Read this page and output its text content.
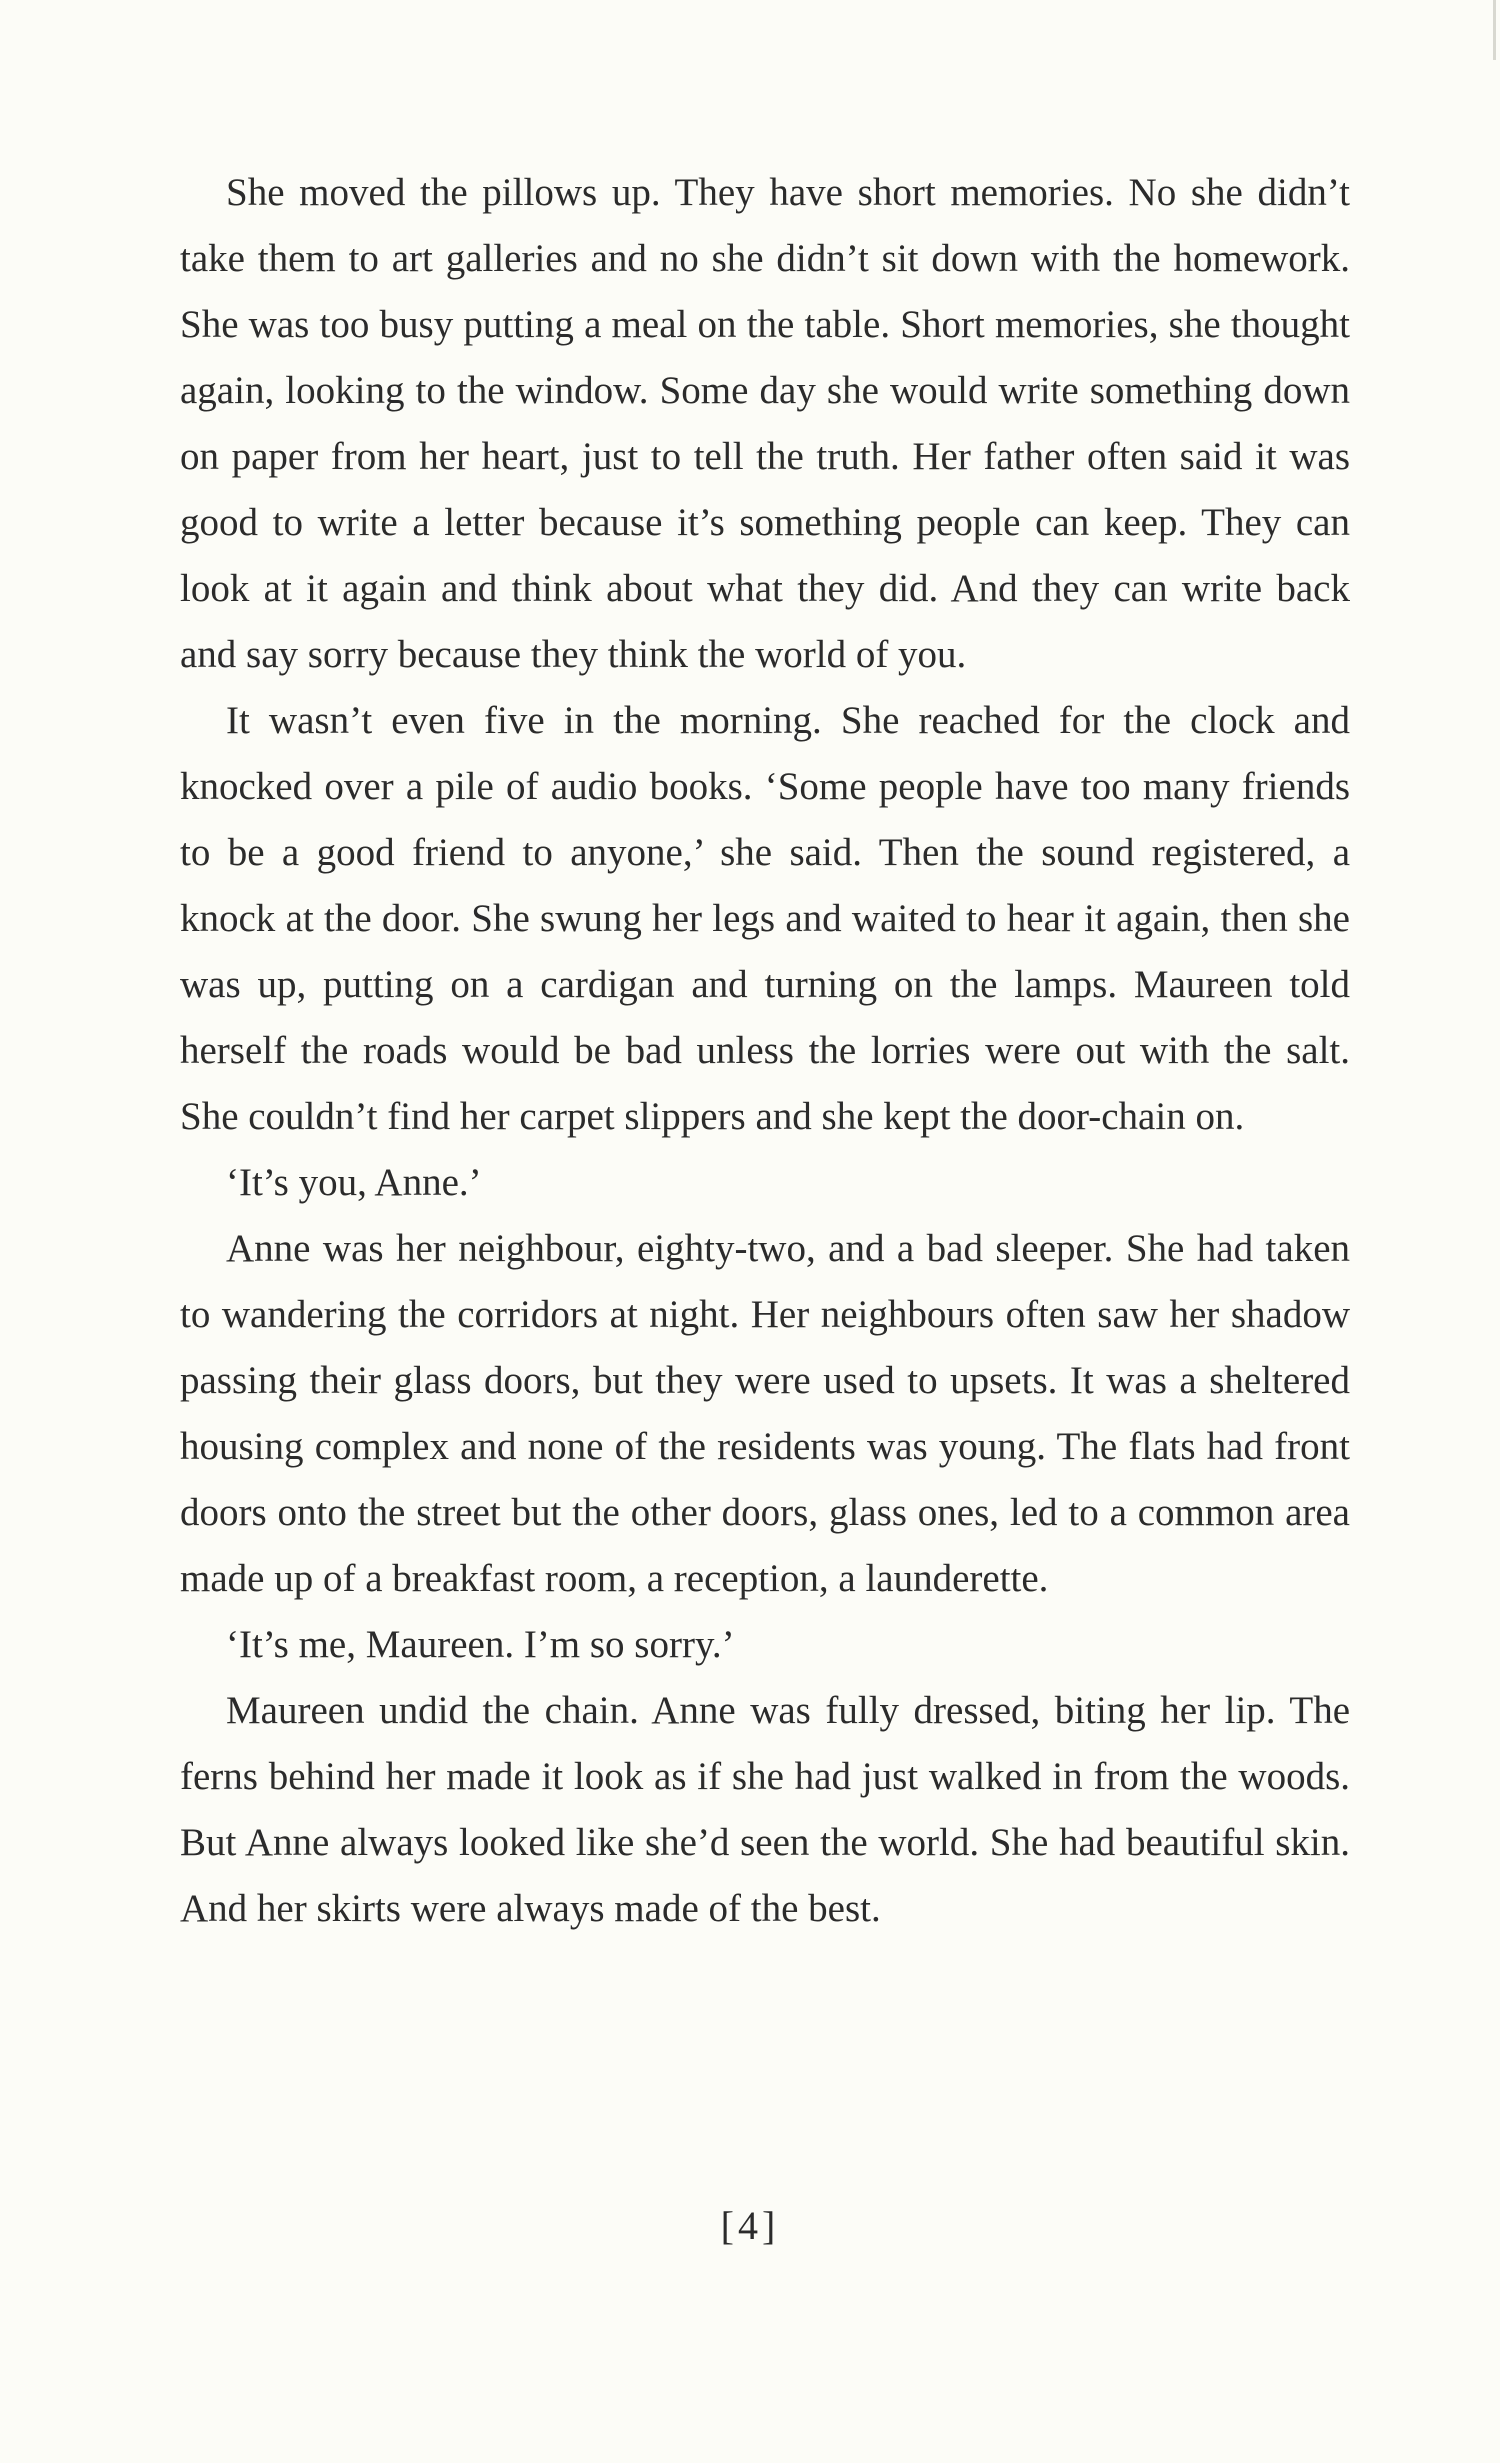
She moved the pillows up. They have short memories. No she didn’t take them to art galleries and no she didn’t sit down with the homework. She was too busy putting a meal on the table. Short memories, she thought again, looking to the window. Some day she would write something down on paper from her heart, just to tell the truth. Her father often said it was good to write a letter because it’s something people can keep. They can look at it again and think about what they did. And they can write back and say sorry because they think the world of you.

It wasn’t even five in the morning. She reached for the clock and knocked over a pile of audio books. ‘Some people have too many friends to be a good friend to anyone,’ she said. Then the sound registered, a knock at the door. She swung her legs and waited to hear it again, then she was up, putting on a cardigan and turning on the lamps. Maureen told herself the roads would be bad unless the lorries were out with the salt. She couldn’t find her carpet slippers and she kept the door-chain on.

‘It’s you, Anne.’

Anne was her neighbour, eighty-two, and a bad sleeper. She had taken to wandering the corridors at night. Her neighbours often saw her shadow passing their glass doors, but they were used to upsets. It was a sheltered housing complex and none of the residents was young. The flats had front doors onto the street but the other doors, glass ones, led to a common area made up of a breakfast room, a reception, a launderette.

‘It’s me, Maureen. I’m so sorry.’

Maureen undid the chain. Anne was fully dressed, biting her lip. The ferns behind her made it look as if she had just walked in from the woods. But Anne always looked like she’d seen the world. She had beautiful skin. And her skirts were always made of the best.

[4]
